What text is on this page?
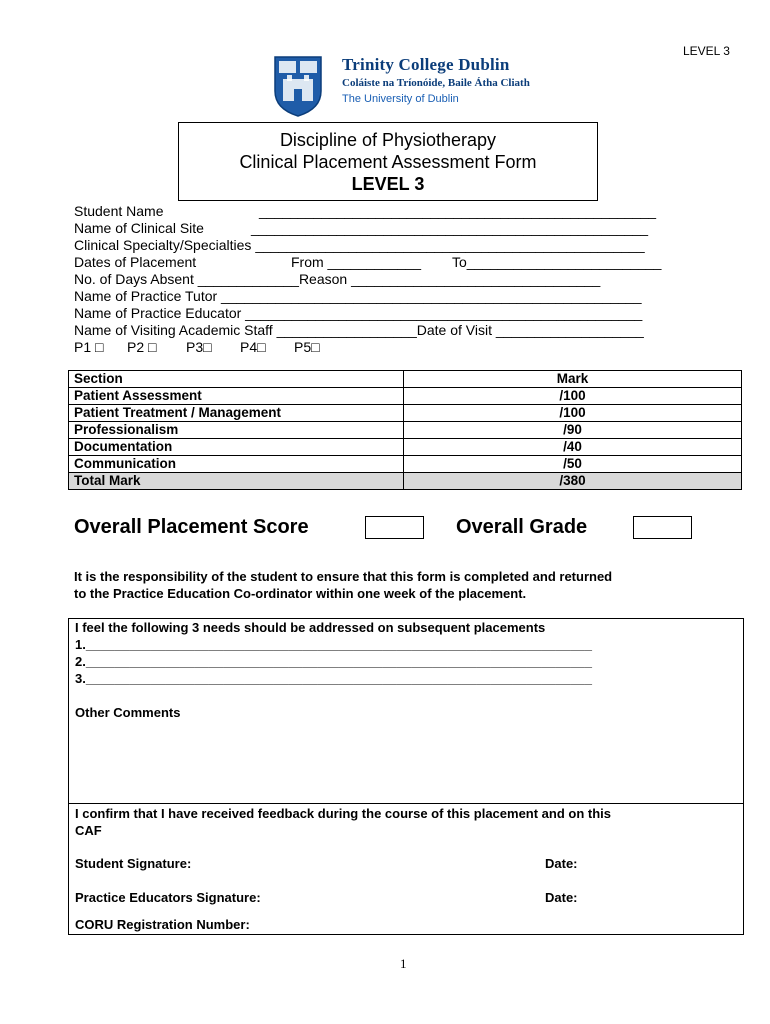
LEVEL 3
Trinity College Dublin
Coláiste na Tríonóide, Baile Átha Cliath
The University of Dublin
Discipline of Physiotherapy
Clinical Placement Assessment Form
LEVEL 3
Student Name	___________________________________________________
Name of Clinical Site	___________________________________________________
Clinical Specialty/Specialties __________________________________________________
Dates of Placement	From ____________ To_________________________
No. of Days Absent _____________Reason ________________________________
Name of Practice Tutor ______________________________________________________
Name of Practice Educator ___________________________________________________
Name of Visiting Academic Staff __________________Date of Visit ___________________
P1 □ P2 □ P3□ P4□ P5□
Section	Mark
Patient Assessment	/100
Patient Treatment / Management	/100
Professionalism	/90
Documentation	/40
Communication	/50
Total Mark	/380
Overall Placement Score	Overall Grade
It is the responsibility of the student to ensure that this form is completed and returned
to the Practice Education Co-ordinator within one week of the placement.
I feel the following 3 needs should be addressed on subsequent placements
1.______________________________________________________________________
2.______________________________________________________________________
3.______________________________________________________________________
Other Comments
I confirm that I have received feedback during the course of this placement and on this
CAF
Student Signature:	Date:
Practice Educators Signature:	Date:
CORU Registration Number:
1
